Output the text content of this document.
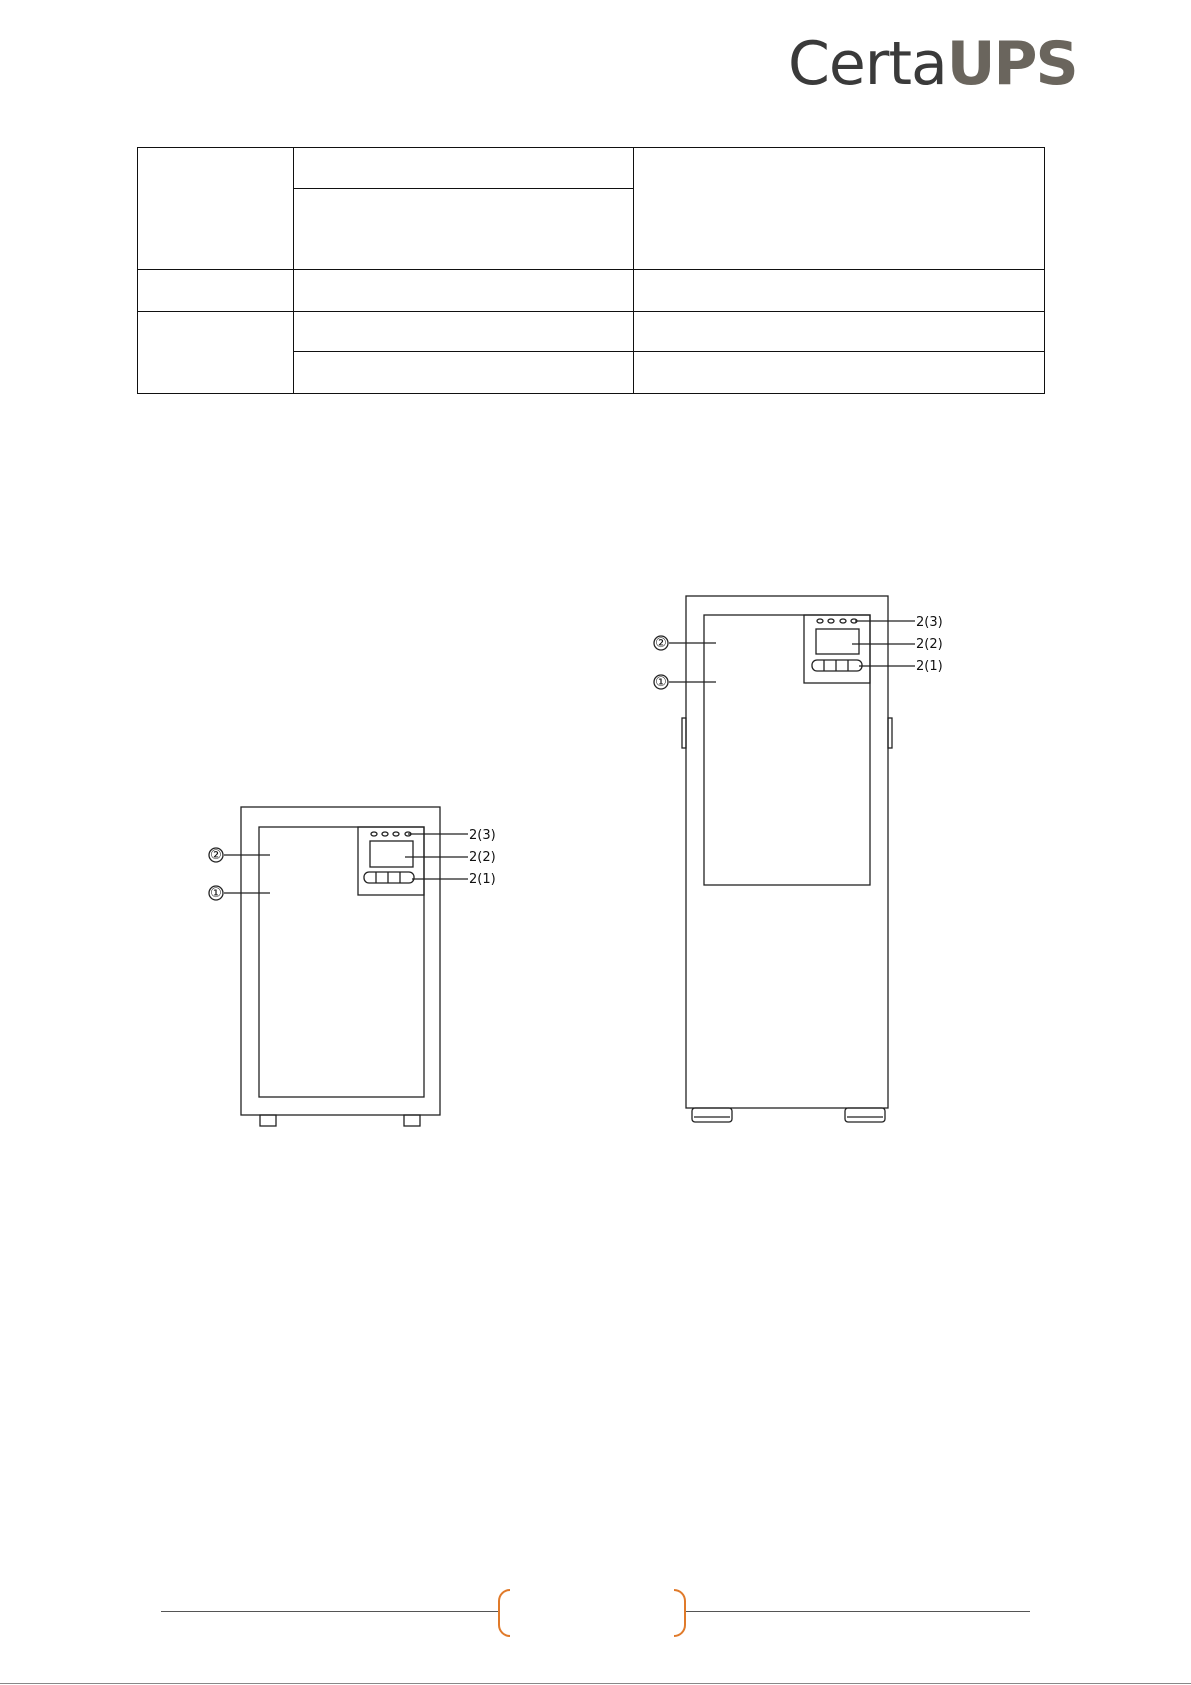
CertaUPS

②
①
2(3)
2(2)
2(1)
②
①
2(3)
2(2)
2(1)
